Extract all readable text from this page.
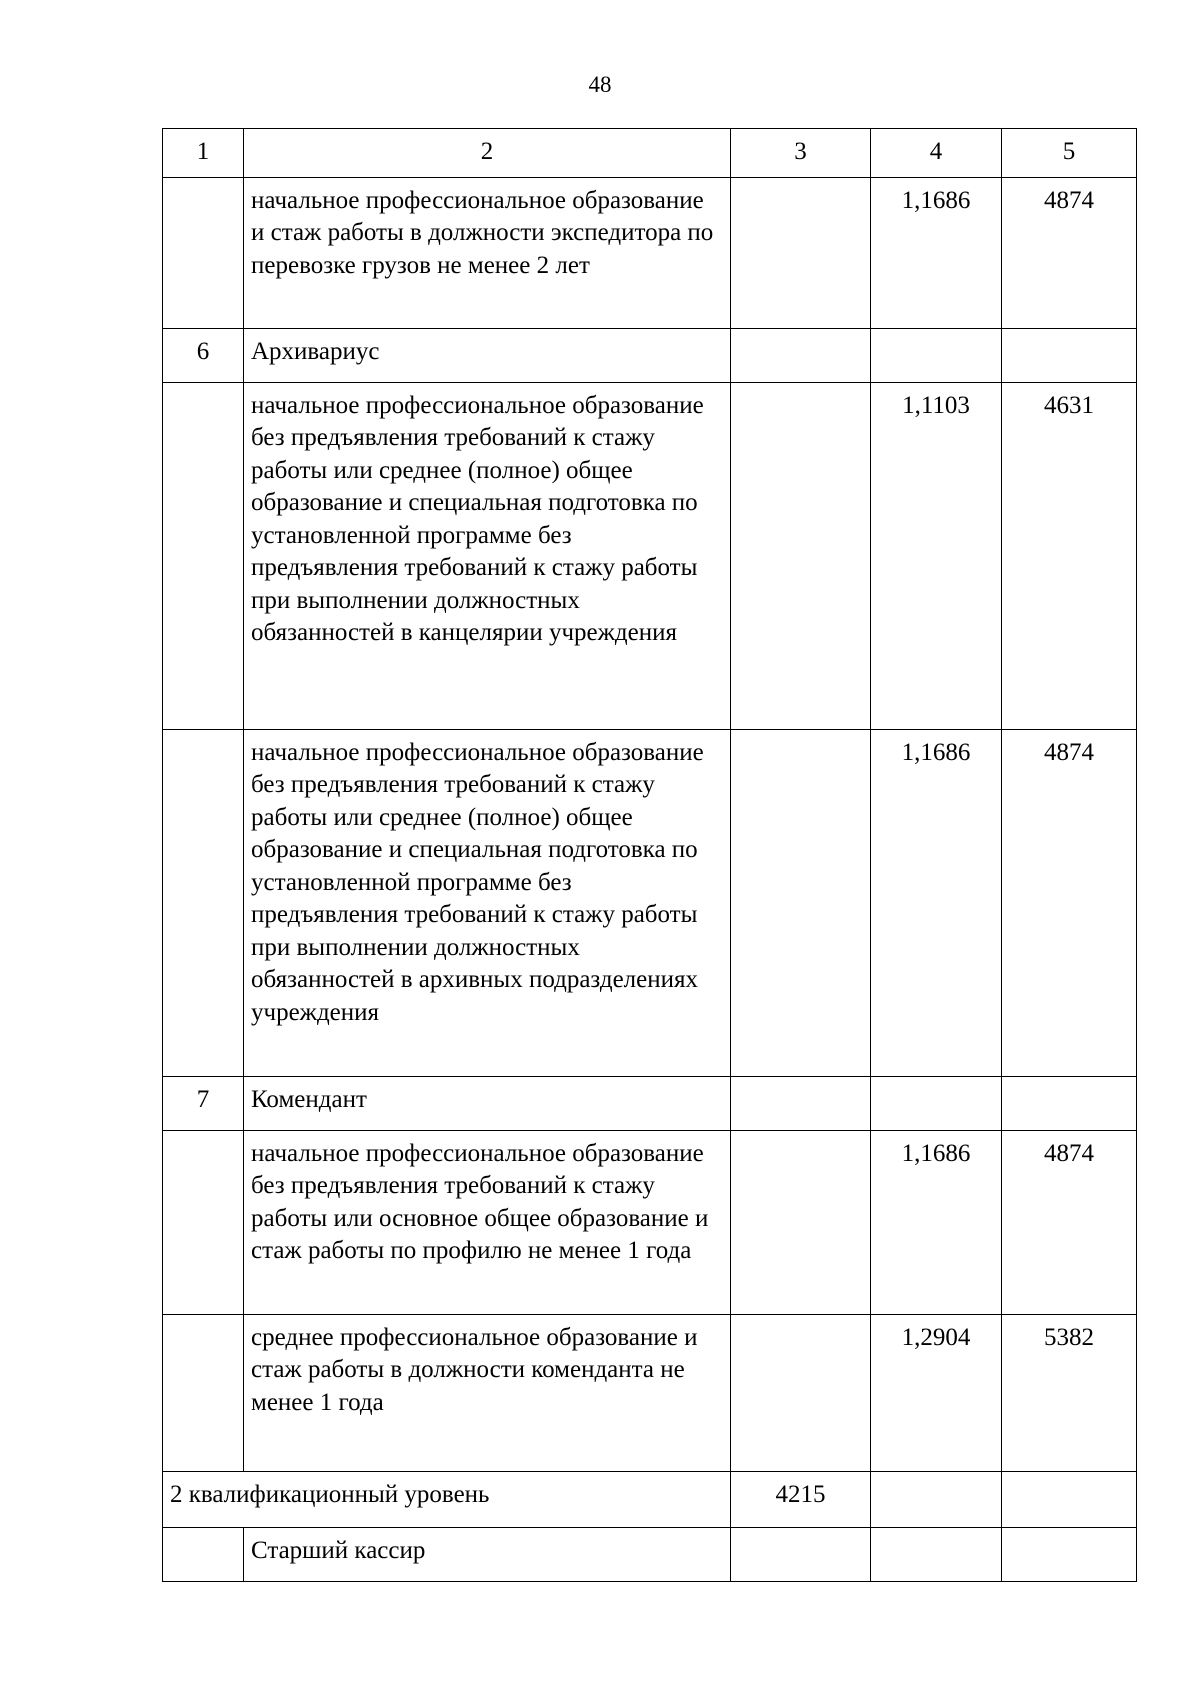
48
1	2	3	4	5
	начальное профессиональное образование и стаж работы в должности экспедитора по перевозке грузов не менее 2 лет		1,1686	4874
6	Архивариус			
	начальное профессиональное образование без предъявления требований к стажу работы или среднее (полное) общее образование и специальная подготовка по установленной программе без предъявления требований к стажу работы при выполнении должностных обязанностей в канцелярии учреждения		1,1103	4631
	начальное профессиональное образование без предъявления требований к стажу работы или среднее (полное) общее образование и специальная подготовка по установленной программе без предъявления требований к стажу работы при выполнении должностных обязанностей в архивных подразделениях учреждения		1,1686	4874
7	Комендант			
	начальное профессиональное образование без предъявления требований к стажу работы или основное общее образование и стаж работы по профилю не менее 1 года		1,1686	4874
	среднее профессиональное образование и стаж работы в должности коменданта не менее 1 года		1,2904	5382
2 квалификационный уровень		4215		
	Старший кассир			
